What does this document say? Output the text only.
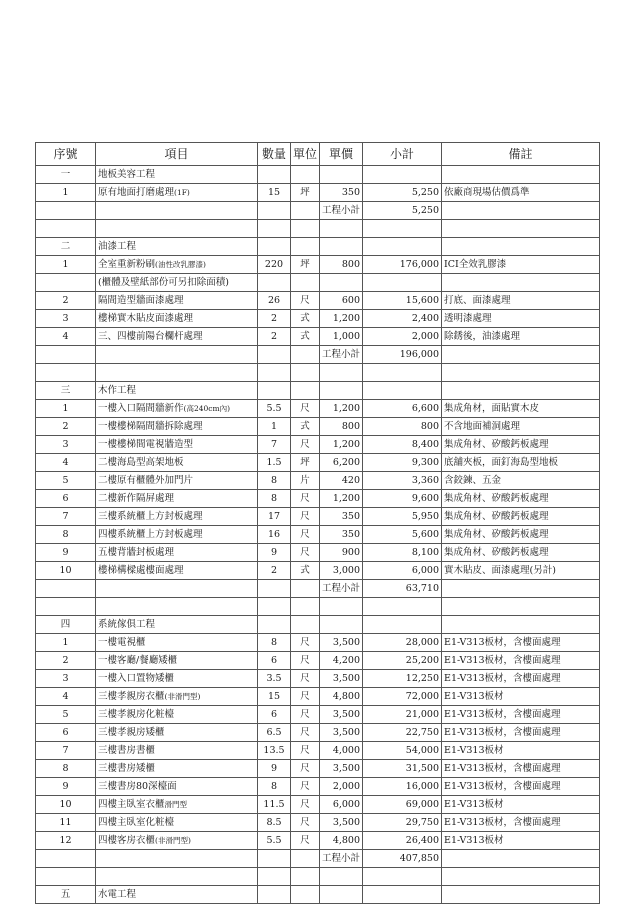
序號	項目	數量	單位	單價	小計	備註
一	地板美容工程					
1	原有地面打磨處理(1F)	15	坪	350	5,250	依廠商現場估價爲準
				工程小計	5,250	

二	油漆工程					
1	全室重新粉刷(油性改乳膠漆)	220	坪	800	176,000	ICI全效乳膠漆
	(櫃體及壁紙部份可另扣除面積)					
2	隔間造型牆面漆處理	26	尺	600	15,600	打底、面漆處理
3	樓梯實木貼皮面漆處理	2	式	1,200	2,400	透明漆處理
4	三、四樓前陽台欄杆處理	2	式	1,000	2,000	除銹後，油漆處理
				工程小計	196,000	

三	木作工程					
1	一樓入口隔間牆新作(高240cm內)	5.5	尺	1,200	6,600	集成角材，面貼實木皮
2	一樓樓梯隔間牆拆除處理	1	式	800	800	不含地面補洞處理
3	一樓樓梯間電視牆造型	7	尺	1,200	8,400	集成角材、矽酸鈣板處理
4	二樓海島型高架地板	1.5	坪	6,200	9,300	底舖夾板，面釘海島型地板
5	二樓原有櫃體外加門片	8	片	420	3,360	含鉸鍊、五金
6	二樓新作隔屏處理	8	尺	1,200	9,600	集成角材、矽酸鈣板處理
7	三樓系統櫃上方封板處理	17	尺	350	5,950	集成角材、矽酸鈣板處理
8	四樓系統櫃上方封板處理	16	尺	350	5,600	集成角材、矽酸鈣板處理
9	五樓背牆封板處理	9	尺	900	8,100	集成角材、矽酸鈣板處理
10	樓梯構樑處樓面處理	2	式	3,000	6,000	實木貼皮、面漆處理(另計)
				工程小計	63,710	

四	系統傢俱工程					
1	一樓電視櫃	8	尺	3,500	28,000	E1-V313板材，含樓面處理
2	一樓客廳/餐廳矮櫃	6	尺	4,200	25,200	E1-V313板材，含樓面處理
3	一樓入口置物矮櫃	3.5	尺	3,500	12,250	E1-V313板材，含樓面處理
4	三樓孝親房衣櫃(非滑門型)	15	尺	4,800	72,000	E1-V313板材
5	三樓孝親房化粧檯	6	尺	3,500	21,000	E1-V313板材，含樓面處理
6	三樓孝親房矮櫃	6.5	尺	3,500	22,750	E1-V313板材，含樓面處理
7	三樓書房書櫃	13.5	尺	4,000	54,000	E1-V313板材
8	三樓書房矮櫃	9	尺	3,500	31,500	E1-V313板材，含樓面處理
9	三樓書房80深檯面	8	尺	2,000	16,000	E1-V313板材，含樓面處理
10	四樓主臥室衣櫃滑門型	11.5	尺	6,000	69,000	E1-V313板材
11	四樓主臥室化粧檯	8.5	尺	3,500	29,750	E1-V313板材，含樓面處理
12	四樓客房衣櫃(非滑門型)	5.5	尺	4,800	26,400	E1-V313板材
				工程小計	407,850	

五	水電工程					
